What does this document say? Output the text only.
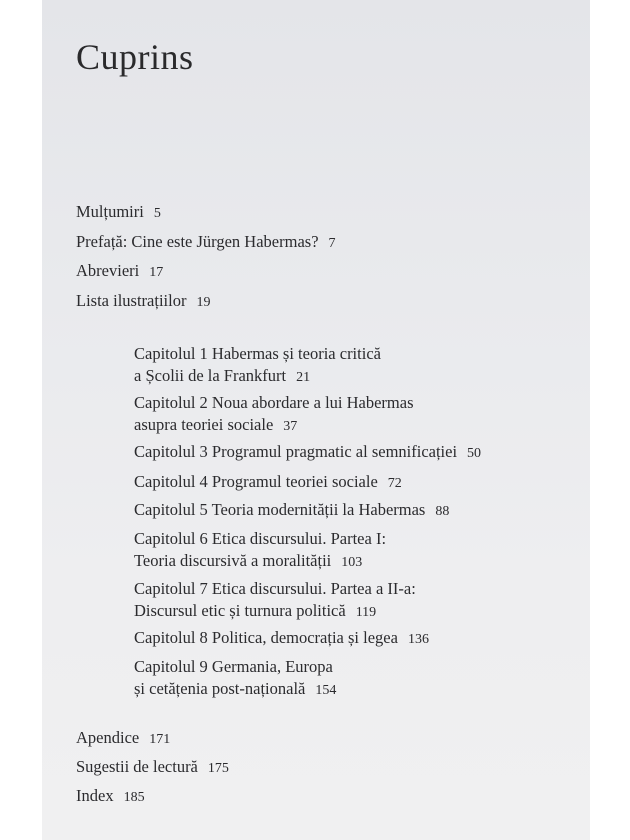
Cuprins
Mulțumiri 5
Prefață: Cine este Jürgen Habermas? 7
Abrevieri 17
Lista ilustrațiilor 19
Capitolul 1 Habermas și teoria critică
a Școlii de la Frankfurt 21
Capitolul 2 Noua abordare a lui Habermas
asupra teoriei sociale 37
Capitolul 3 Programul pragmatic al semnificației 50
Capitolul 4 Programul teoriei sociale 72
Capitolul 5 Teoria modernității la Habermas 88
Capitolul 6 Etica discursului. Partea I:
Teoria discursivă a moralității 103
Capitolul 7 Etica discursului. Partea a II-a:
Discursul etic și turnura politică 119
Capitolul 8 Politica, democrația și legea 136
Capitolul 9 Germania, Europa
și cetățenia post-națională 154
Apendice 171
Sugestii de lectură 175
Index 185
